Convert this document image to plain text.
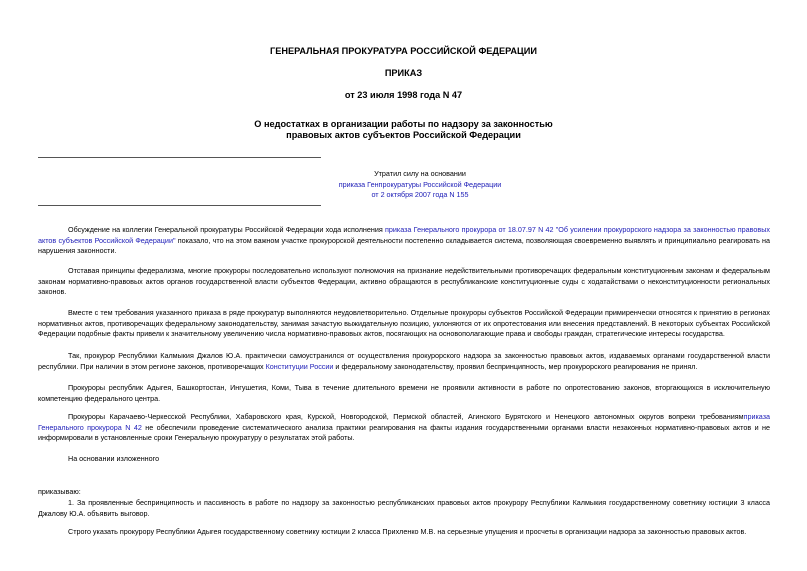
ГЕНЕРАЛЬНАЯ ПРОКУРАТУРА РОССИЙСКОЙ ФЕДЕРАЦИИ
ПРИКАЗ
от 23 июля 1998 года N 47
О недостатках в организации работы по надзору за законностью
правовых актов субъектов Российской Федерации
Утратил силу на основании
приказа Генпрокуратуры Российской Федерации
от 2 октября 2007 года N 155
Обсуждение на коллегии Генеральной прокуратуры Российской Федерации хода исполнения приказа Генерального прокурора от 18.07.97 N 42 "Об усилении прокурорского надзора за законностью правовых актов субъектов Российской Федерации" показало, что на этом важном участке прокурорской деятельности постепенно складывается система, позволяющая своевременно выявлять и принципиально реагировать на нарушения законности.
Отставая принципы федерализма, многие прокуроры последовательно используют полномочия на признание недействительными противоречащих федеральным конституционным законам и федеральным законам нормативно-правовых актов органов государственной власти субъектов Федерации, активно обращаются в республиканские конституционные суды с ходатайствами о неконституционности региональных законов.
Вместе с тем требования указанного приказа в ряде прокуратур выполняются неудовлетворительно. Отдельные прокуроры субъектов Российской Федерации примиренчески относятся к принятию в регионах нормативных актов, противоречащих федеральному законодательству, занимая зачастую выжидательную позицию, уклоняются от их опротестования или внесения представлений. В некоторых субъектах Российской Федерации подобные факты привели к значительному увеличению числа нормативно-правовых актов, посягающих на основополагающие права и свободы граждан, стратегические интересы государства.
Так, прокурор Республики Калмыкия Джалов Ю.А. практически самоустранился от осуществления прокурорского надзора за законностью правовых актов, издаваемых органами государственной власти республики. При наличии в этом регионе законов, противоречащих Конституции России и федеральному законодательству, проявил беспринципность, мер прокурорского реагирования не принял.
Прокуроры республик Адыгея, Башкортостан, Ингушетия, Коми, Тыва в течение длительного времени не проявили активности в работе по опротестованию законов, вторгающихся в исключительную компетенцию федерального центра.
Прокуроры Карачаево-Черкесской Республики, Хабаровского края, Курской, Новгородской, Пермской областей, Агинского Бурятского и Ненецкого автономных округов вопреки требованиямприказа Генерального прокурора N 42 не обеспечили проведение систематического анализа практики реагирования на факты издания государственными органами власти незаконных нормативно-правовых актов и не информировали в установленные сроки Генеральную прокуратуру о результатах этой работы.
На основании изложенного
приказываю:
1. За проявленные беспринципность и пассивность в работе по надзору за законностью республиканских правовых актов прокурору Республики Калмыкия государственному советнику юстиции 3 класса Джалову Ю.А. объявить выговор.
Строго указать прокурору Республики Адыгея государственному советнику юстиции 2 класса Прихленко М.В. на серьезные упущения и просчеты в организации надзора за законностью правовых актов.
